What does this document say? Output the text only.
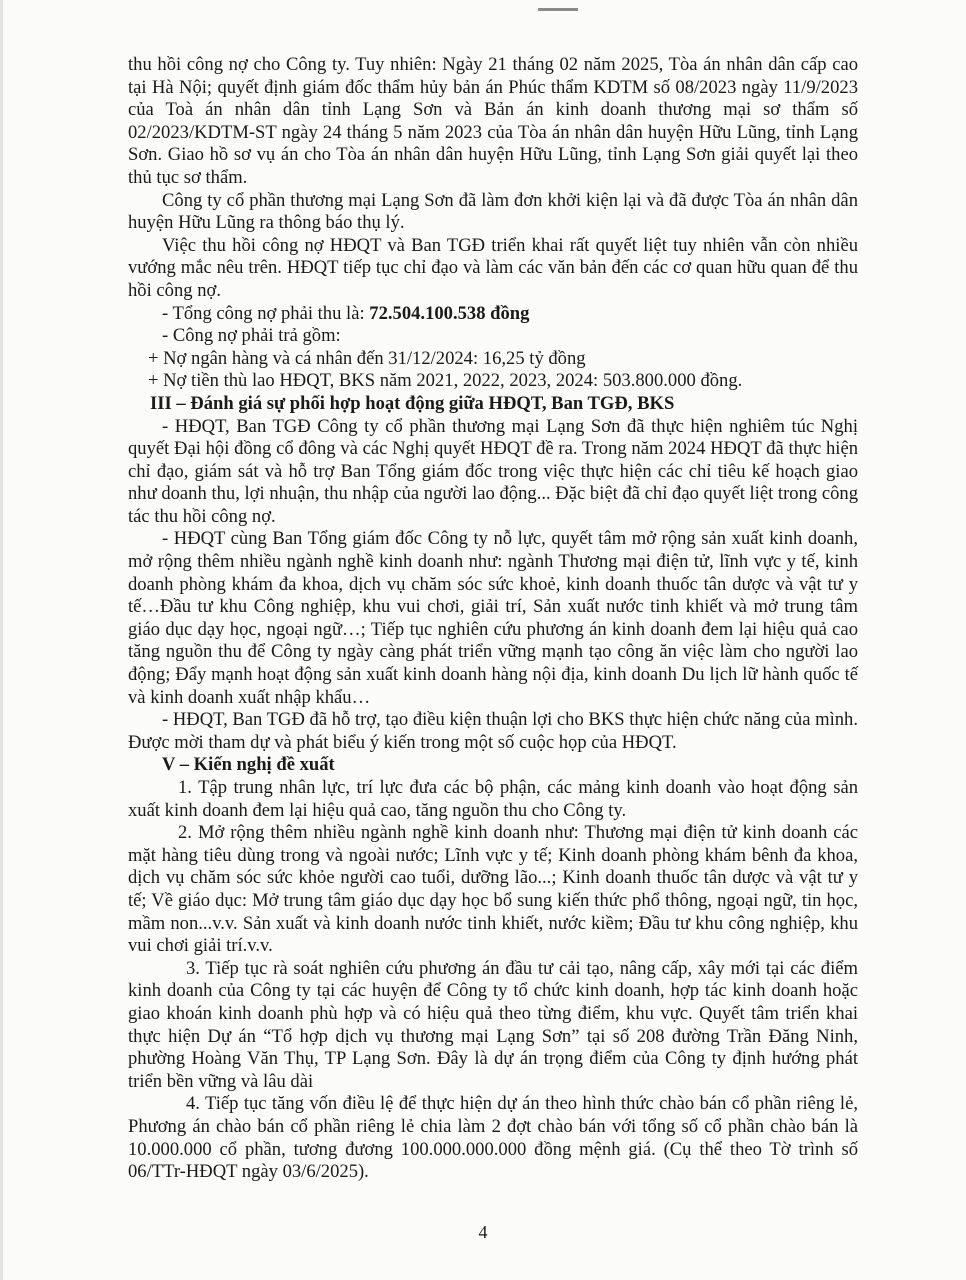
thu hồi công nợ cho Công ty. Tuy nhiên: Ngày 21 tháng 02 năm 2025, Tòa án nhân dân cấp cao tại Hà Nội; quyết định giám đốc thẩm hủy bản án Phúc thẩm KDTM số 08/2023 ngày 11/9/2023 của Toà án nhân dân tỉnh Lạng Sơn và Bản án kinh doanh thương mại sơ thẩm số 02/2023/KDTM-ST ngày 24 tháng 5 năm 2023 của Tòa án nhân dân huyện Hữu Lũng, tỉnh Lạng Sơn. Giao hồ sơ vụ án cho Tòa án nhân dân huyện Hữu Lũng, tỉnh Lạng Sơn giải quyết lại theo thủ tục sơ thẩm.

Công ty cổ phần thương mại Lạng Sơn đã làm đơn khởi kiện lại và đã được Tòa án nhân dân huyện Hữu Lũng ra thông báo thụ lý.

Việc thu hồi công nợ HĐQT và Ban TGĐ triển khai rất quyết liệt tuy nhiên vẫn còn nhiều vướng mắc nêu trên. HĐQT tiếp tục chỉ đạo và làm các văn bản đến các cơ quan hữu quan để thu hồi công nợ.

- Tổng công nợ phải thu là: 72.504.100.538 đồng

- Công nợ phải trả gồm:

+ Nợ ngân hàng và cá nhân đến 31/12/2024: 16,25 tỷ đồng

+ Nợ tiền thù lao HĐQT, BKS năm 2021, 2022, 2023, 2024: 503.800.000 đồng.

III – Đánh giá sự phối hợp hoạt động giữa HĐQT, Ban TGĐ, BKS

- HĐQT, Ban TGĐ Công ty cổ phần thương mại Lạng Sơn đã thực hiện nghiêm túc Nghị quyết Đại hội đồng cổ đông và các Nghị quyết HĐQT đề ra. Trong năm 2024 HĐQT đã thực hiện chỉ đạo, giám sát và hỗ trợ Ban Tổng giám đốc trong việc thực hiện các chỉ tiêu kế hoạch giao như doanh thu, lợi nhuận, thu nhập của người lao động... Đặc biệt đã chỉ đạo quyết liệt trong công tác thu hồi công nợ.

- HĐQT cùng Ban Tổng giám đốc Công ty nỗ lực, quyết tâm mở rộng sản xuất kinh doanh, mở rộng thêm nhiều ngành nghề kinh doanh như: ngành Thương mại điện tử, lĩnh vực y tế, kinh doanh phòng khám đa khoa, dịch vụ chăm sóc sức khoẻ, kinh doanh thuốc tân dược và vật tư y tế…Đầu tư khu Công nghiệp, khu vui chơi, giải trí, Sản xuất nước tinh khiết và mở trung tâm giáo dục dạy học, ngoại ngữ…; Tiếp tục nghiên cứu phương án kinh doanh đem lại hiệu quả cao tăng nguồn thu để Công ty ngày càng phát triển vững mạnh tạo công ăn việc làm cho người lao động; Đẩy mạnh hoạt động sản xuất kinh doanh hàng nội địa, kinh doanh Du lịch lữ hành quốc tế và kinh doanh xuất nhập khẩu…

- HĐQT, Ban TGĐ đã hỗ trợ, tạo điều kiện thuận lợi cho BKS thực hiện chức năng của mình. Được mời tham dự và phát biểu ý kiến trong một số cuộc họp của HĐQT.

V – Kiến nghị đề xuất

1. Tập trung nhân lực, trí lực đưa các bộ phận, các mảng kinh doanh vào hoạt động sản xuất kinh doanh đem lại hiệu quả cao, tăng nguồn thu cho Công ty.

2. Mở rộng thêm nhiều ngành nghề kinh doanh như: Thương mại điện tử kinh doanh các mặt hàng tiêu dùng trong và ngoài nước; Lĩnh vực y tế; Kinh doanh phòng khám bênh đa khoa, dịch vụ chăm sóc sức khỏe người cao tuổi, dưỡng lão...; Kinh doanh thuốc tân dược và vật tư y tế; Về giáo dục: Mở trung tâm giáo dục dạy học bổ sung kiến thức phổ thông, ngoại ngữ, tin học, mầm non...v.v. Sản xuất và kinh doanh nước tinh khiết, nước kiềm; Đầu tư khu công nghiệp, khu vui chơi giải trí.v.v.

3. Tiếp tục rà soát nghiên cứu phương án đầu tư cải tạo, nâng cấp, xây mới tại các điểm kinh doanh của Công ty tại các huyện để Công ty tổ chức kinh doanh, hợp tác kinh doanh hoặc giao khoán kinh doanh phù hợp và có hiệu quả theo từng điểm, khu vực. Quyết tâm triển khai thực hiện Dự án “Tổ hợp dịch vụ thương mại Lạng Sơn” tại số 208 đường Trần Đăng Ninh, phường Hoàng Văn Thụ, TP Lạng Sơn. Đây là dự án trọng điểm của Công ty định hướng phát triển bền vững và lâu dài

4. Tiếp tục tăng vốn điều lệ để thực hiện dự án theo hình thức chào bán cổ phần riêng lẻ, Phương án chào bán cổ phần riêng lẻ chia làm 2 đợt chào bán với tổng số cổ phần chào bán là 10.000.000 cổ phần, tương đương 100.000.000.000 đồng mệnh giá. (Cụ thể theo Tờ trình số 06/TTr-HĐQT ngày 03/6/2025).

4
